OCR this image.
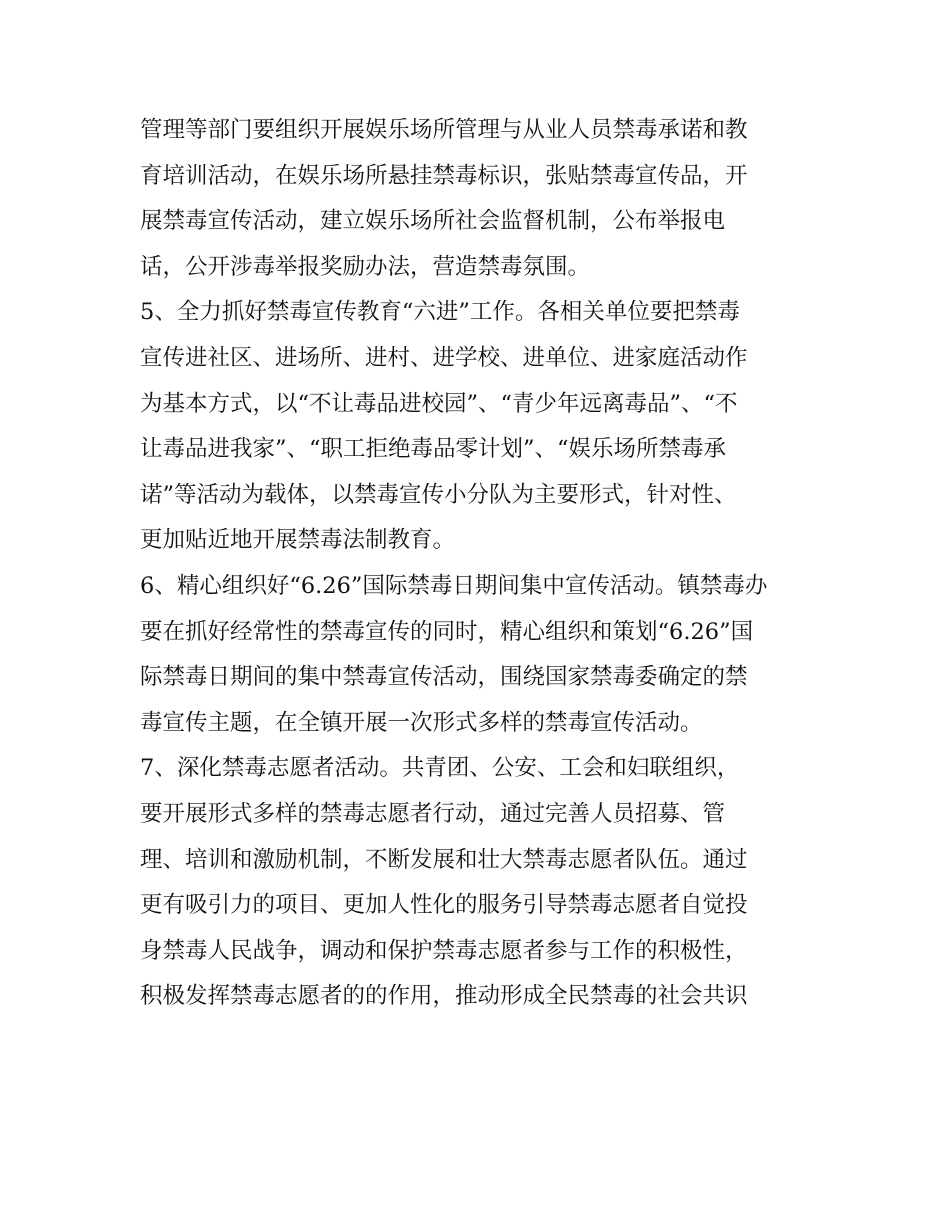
管理等部门要组织开展娱乐场所管理与从业人员禁毒承诺和教
育培训活动，在娱乐场所悬挂禁毒标识，张贴禁毒宣传品，开
展禁毒宣传活动，建立娱乐场所社会监督机制，公布举报电
话，公开涉毒举报奖励办法，营造禁毒氛围。
5、全力抓好禁毒宣传教育“六进”工作。各相关单位要把禁毒
宣传进社区、进场所、进村、进学校、进单位、进家庭活动作
为基本方式，以“不让毒品进校园”、“青少年远离毒品”、“不
让毒品进我家”、“职工拒绝毒品零计划”、“娱乐场所禁毒承
诺”等活动为载体，以禁毒宣传小分队为主要形式，针对性、
更加贴近地开展禁毒法制教育。
6、精心组织好“6.26”国际禁毒日期间集中宣传活动。镇禁毒办
要在抓好经常性的禁毒宣传的同时，精心组织和策划“6.26”国
际禁毒日期间的集中禁毒宣传活动，围绕国家禁毒委确定的禁
毒宣传主题，在全镇开展一次形式多样的禁毒宣传活动。
7、深化禁毒志愿者活动。共青团、公安、工会和妇联组织，
要开展形式多样的禁毒志愿者行动，通过完善人员招募、管
理、培训和激励机制，不断发展和壮大禁毒志愿者队伍。通过
更有吸引力的项目、更加人性化的服务引导禁毒志愿者自觉投
身禁毒人民战争，调动和保护禁毒志愿者参与工作的积极性，
积极发挥禁毒志愿者的的作用，推动形成全民禁毒的社会共识
